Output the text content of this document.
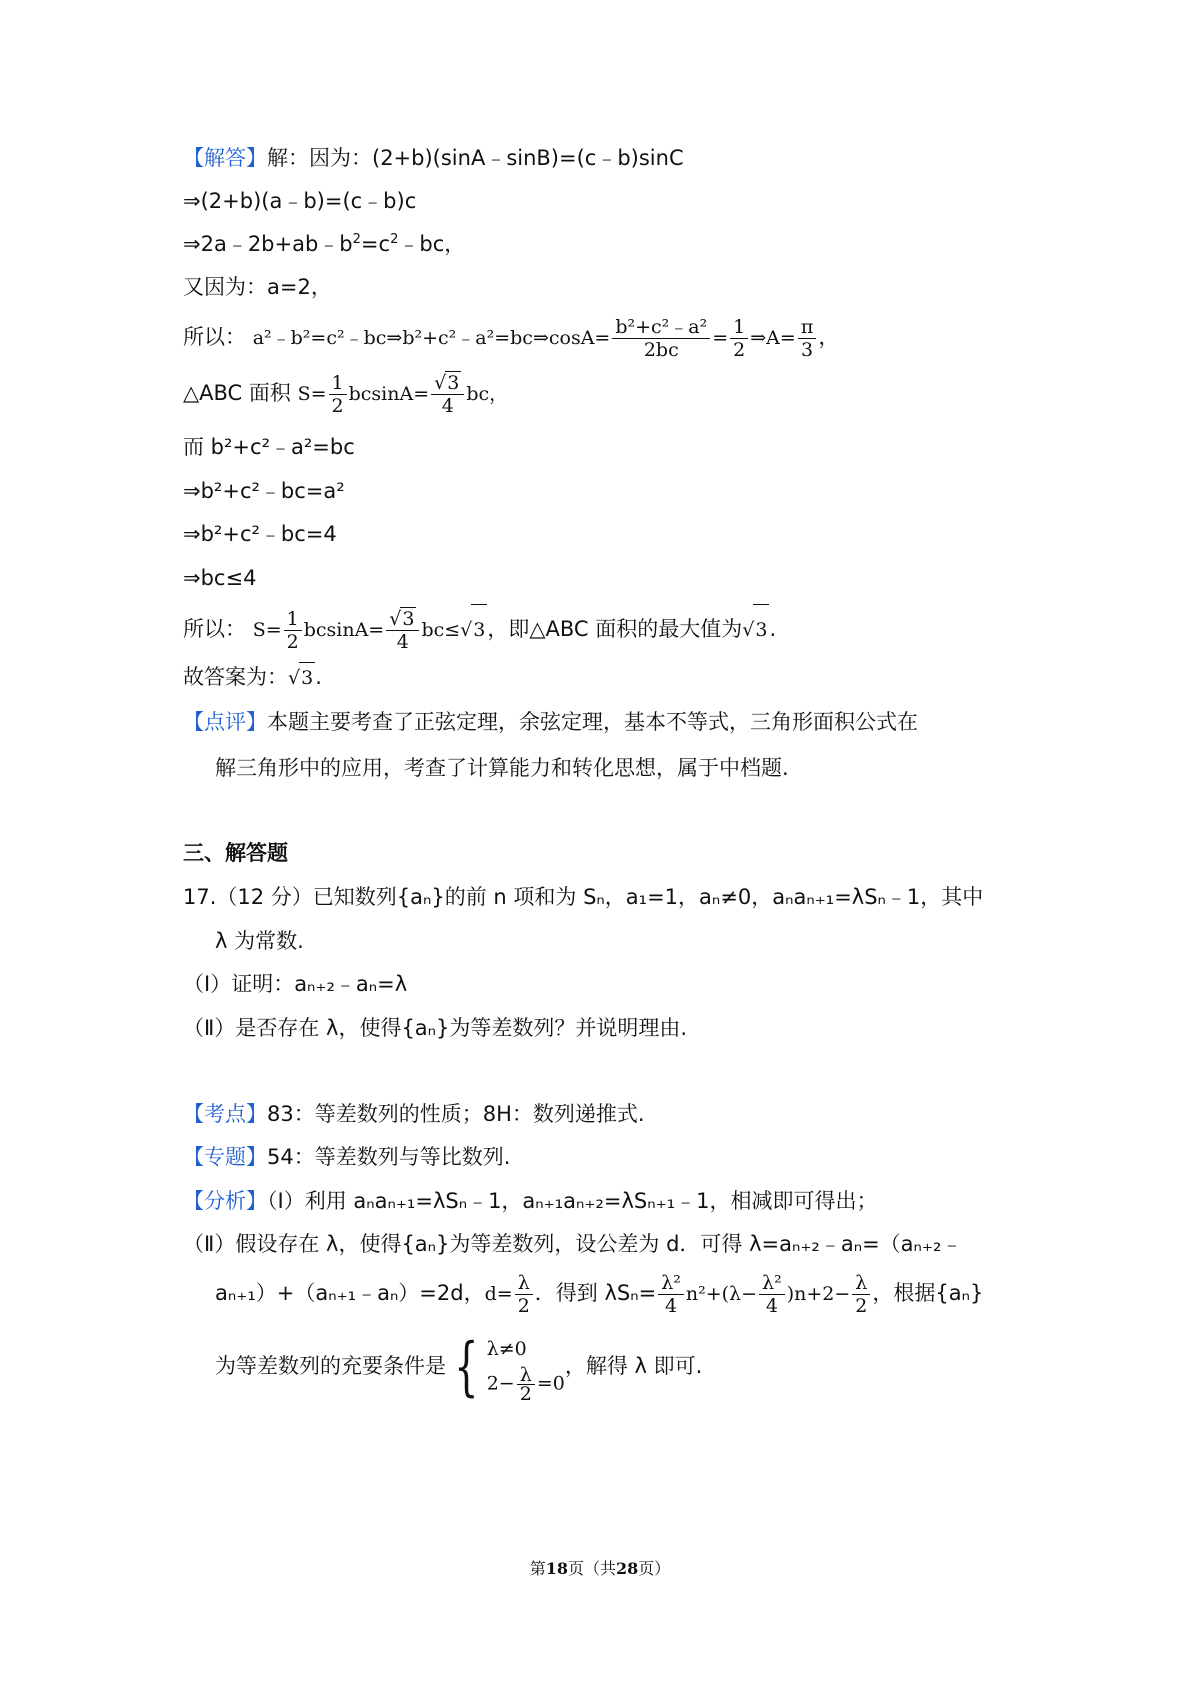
【解答】解：因为：(2+b)(sinA﹣sinB)=(c﹣b)sinC
⇒(2+b)(a﹣b)=(c﹣b)c
$\Rightarrow 2a﹣2b+ab﹣b^2=c^2﹣bc$，
又因为：a=2，
所以： a²﹣b²=c²﹣bc⇒b²+c²﹣a²=bc⇒cosA= $\frac{\text{b²+c²﹣a²}}{2bc} = \frac{1}{2}$ ⇒A= $\frac{\pi}{3}$ ，
△ABC 面积 $S= \frac{1}{2} bcsinA= \frac{√3}{4}$ bc，
而 b²+c²﹣a²=bc
⇒b²+c²﹣bc=a²
⇒b²+c²﹣bc=4
⇒bc≤4
所以： $S= \frac{1}{2} bcsinA= \frac{√3}{4} bc\le√3$，即△ABC 面积的最大值为√3.
故答案为：√3.
【点评】本题主要考查了正弦定理，余弦定理，基本不等式，三角形面积公式在
解三角形中的应用，考查了计算能力和转化思想，属于中档题.
三、解答题
17.（12 分）已知数列{aₙ}的前 n 项和为 Sₙ，a₁=1，aₙ≠0，aₙaₙ₊₁=λSₙ﹣1，其中
λ 为常数.
（Ⅰ）证明：aₙ₊₂﹣aₙ=λ
（Ⅱ）是否存在 λ，使得{aₙ}为等差数列？并说明理由.
【考点】83：等差数列的性质；8H：数列递推式.
【专题】54：等差数列与等比数列.
【分析】（Ⅰ）利用 aₙaₙ₊₁=λSₙ﹣1，aₙ₊₁aₙ₊₂=λSₙ₊₁﹣1，相减即可得出；
（Ⅱ）假设存在 λ，使得{aₙ}为等差数列，设公差为 d．可得 λ=aₙ₊₂﹣aₙ=（aₙ₊₂﹣
aₙ₊₁）+（aₙ₊₁﹣aₙ）=2d，$d= \frac{\lambda}{2}$ ．得到 $\lambda S_n= \frac{\text{λ²}}{4} n^2+(\lambda- \frac{\text{λ²}}{4} )n+2- \frac{\lambda}{2}$ ，根据{aₙ}
为等差数列的充要条件是 { λ≠0
$2- \frac{\lambda}{2} =0$
，解得 λ 即可.
第18页（共28页）
